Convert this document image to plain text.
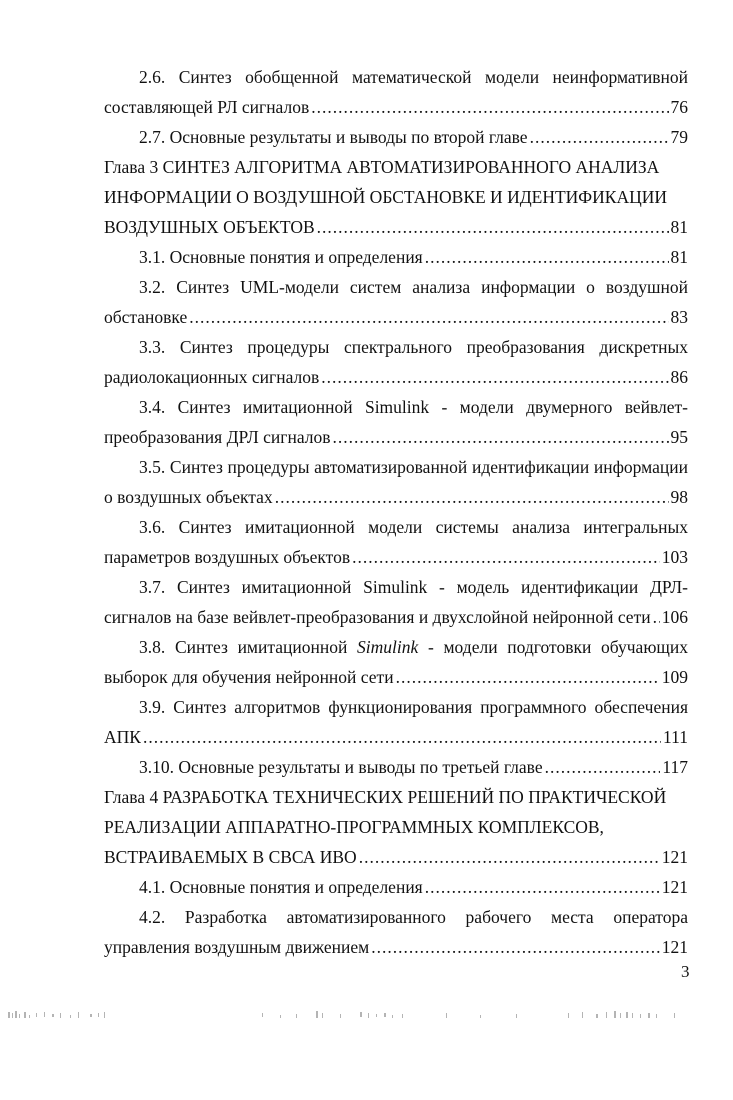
2.6. Синтез обобщенной математической модели неинформативной
составляющей РЛ сигналов .....	76
2.7. Основные результаты и выводы по второй главе .....	79
Глава 3 СИНТЕЗ АЛГОРИТМА АВТОМАТИЗИРОВАННОГО АНАЛИЗА
ИНФОРМАЦИИ О ВОЗДУШНОЙ ОБСТАНОВКЕ И ИДЕНТИФИКАЦИИ
ВОЗДУШНЫХ ОБЪЕКТОВ .....	81
3.1. Основные понятия и определения .....	81
3.2. Синтез UML-модели систем анализа информации о воздушной
обстановке .....	83
3.3. Синтез процедуры спектрального преобразования дискретных
радиолокационных сигналов .....	86
3.4. Синтез имитационной Simulink - модели двумерного вейвлет-
преобразования ДРЛ сигналов .....	95
3.5. Синтез процедуры автоматизированной идентификации информации
о воздушных объектах .....	98
3.6. Синтез имитационной модели системы анализа интегральных
параметров воздушных объектов .....	103
3.7. Синтез имитационной Simulink - модель идентификации ДРЛ-
сигналов на базе вейвлет-преобразования и двухслойной нейронной сети ..... 106
3.8. Синтез имитационной Simulink - модели подготовки обучающих
выборок для обучения нейронной сети .....	109
3.9. Синтез алгоритмов функционирования программного обеспечения
АПК .....	111
3.10. Основные результаты и выводы по третьей главе .....	117
Глава 4 РАЗРАБОТКА ТЕХНИЧЕСКИХ РЕШЕНИЙ ПО ПРАКТИЧЕСКОЙ
РЕАЛИЗАЦИИ АППАРАТНО-ПРОГРАММНЫХ КОМПЛЕКСОВ,
ВСТРАИВАЕМЫХ В СВСА ИВО .....	121
4.1. Основные понятия и определения .....	121
4.2. Разработка автоматизированного рабочего места оператора
управления воздушным движением .....	121
3
